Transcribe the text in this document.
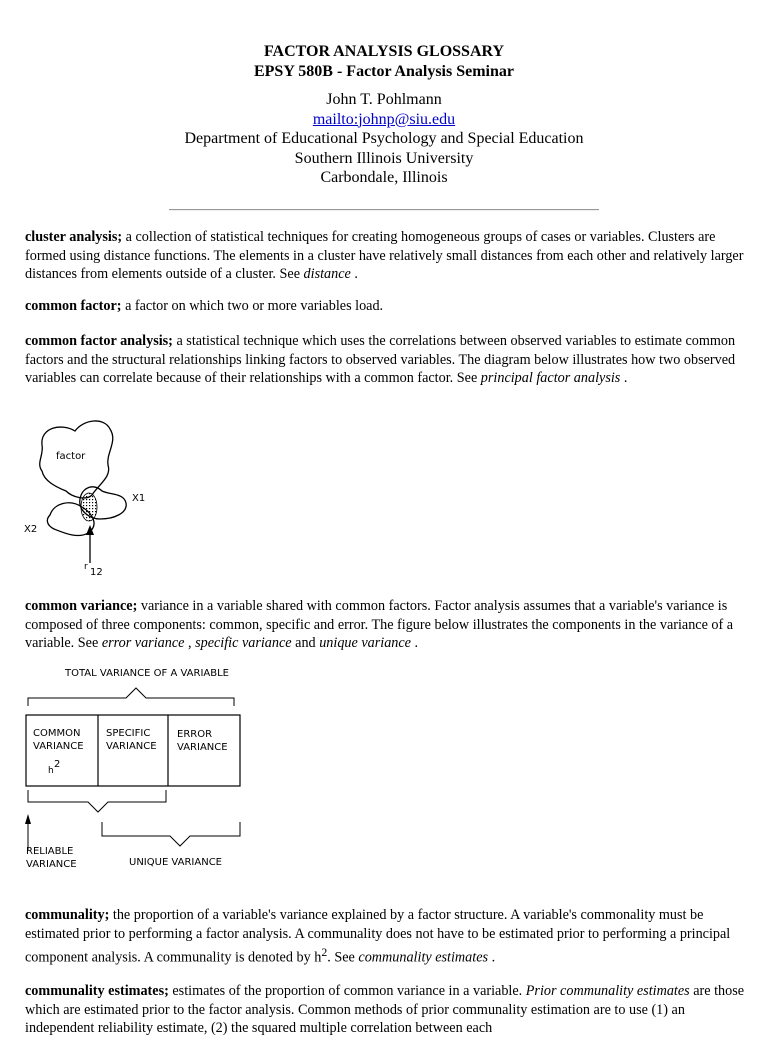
FACTOR ANALYSIS GLOSSARY
EPSY 580B - Factor Analysis Seminar
John T. Pohlmann
mailto:johnp@siu.edu
Department of Educational Psychology and Special Education
Southern Illinois University
Carbondale, Illinois
cluster analysis; a collection of statistical techniques for creating homogeneous groups of cases or variables. Clusters are formed using distance functions. The elements in a cluster have relatively small distances from each other and relatively larger distances from elements outside of a cluster. See distance .
common factor; a factor on which two or more variables load.
common factor analysis; a statistical technique which uses the correlations between observed variables to estimate common factors and the structural relationships linking factors to observed variables. The diagram below illustrates how two observed variables can correlate because of their relationships with a common factor. See principal factor analysis .
factor
X1
X2
r 12
common variance; variance in a variable shared with common factors. Factor analysis assumes that a variable's variance is composed of three components: common, specific and error. The figure below illustrates the components in the variance of a variable. See error variance , specific variance and unique variance .
TOTAL VARIANCE OF A VARIABLE
COMMON
VARIANCE
h
2
SPECIFIC
VARIANCE
ERROR
VARIANCE
RELIABLE
VARIANCE	UNIQUE VARIANCE
communality; the proportion of a variable's variance explained by a factor structure. A variable's commonality must be estimated prior to performing a factor analysis. A communality does not have to be estimated prior to performing a principal component analysis. A communality is denoted by $h^2$. See communality estimates .
communality estimates; estimates of the proportion of common variance in a variable. Prior communality estimates are those which are estimated prior to the factor analysis. Common methods of prior communality estimation are to use (1) an independent reliability estimate, (2) the squared multiple correlation between each
